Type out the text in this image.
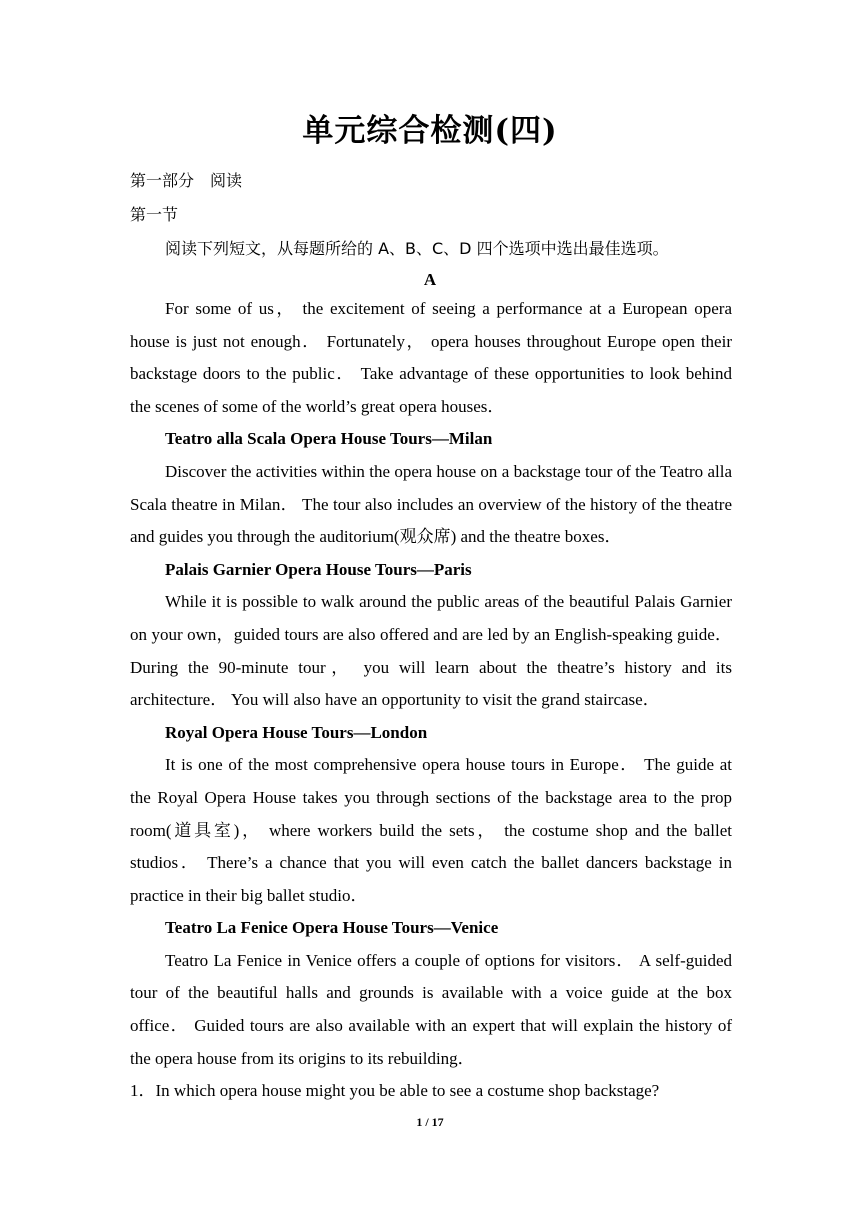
单元综合检测(四)
第一部分　阅读
第一节
阅读下列短文，从每题所给的 A、B、C、D 四个选项中选出最佳选项。
A

For some of us， the excitement of seeing a performance at a European opera house is just not enough． Fortunately， opera houses throughout Europe open their backstage doors to the public． Take advantage of these opportunities to look behind the scenes of some of the world’s great opera houses．

Teatro alla Scala Opera House Tours—Milan

Discover the activities within the opera house on a backstage tour of the Teatro alla Scala theatre in Milan． The tour also includes an overview of the history of the theatre and guides you through the auditorium(观众席) and the theatre boxes．

Palais Garnier Opera House Tours—Paris

While it is possible to walk around the public areas of the beautiful Palais Garnier on your own，guided tours are also offered and are led by an English-speaking guide． During the 90-minute tour， you will learn about the theatre’s history and its architecture． You will also have an opportunity to visit the grand staircase．

Royal Opera House Tours—London

It is one of the most comprehensive opera house tours in Europe． The guide at the Royal Opera House takes you through sections of the backstage area to the prop room(道具室)， where workers build the sets， the costume shop and the ballet studios． There’s a chance that you will even catch the ballet dancers backstage in practice in their big ballet studio．

Teatro La Fenice Opera House Tours—Venice

Teatro La Fenice in Venice offers a couple of options for visitors． A self-guided tour of the beautiful halls and grounds is available with a voice guide at the box office． Guided tours are also available with an expert that will explain the history of the opera house from its origins to its rebuilding．

1．In which opera house might you be able to see a costume shop backstage?

1 / 17
